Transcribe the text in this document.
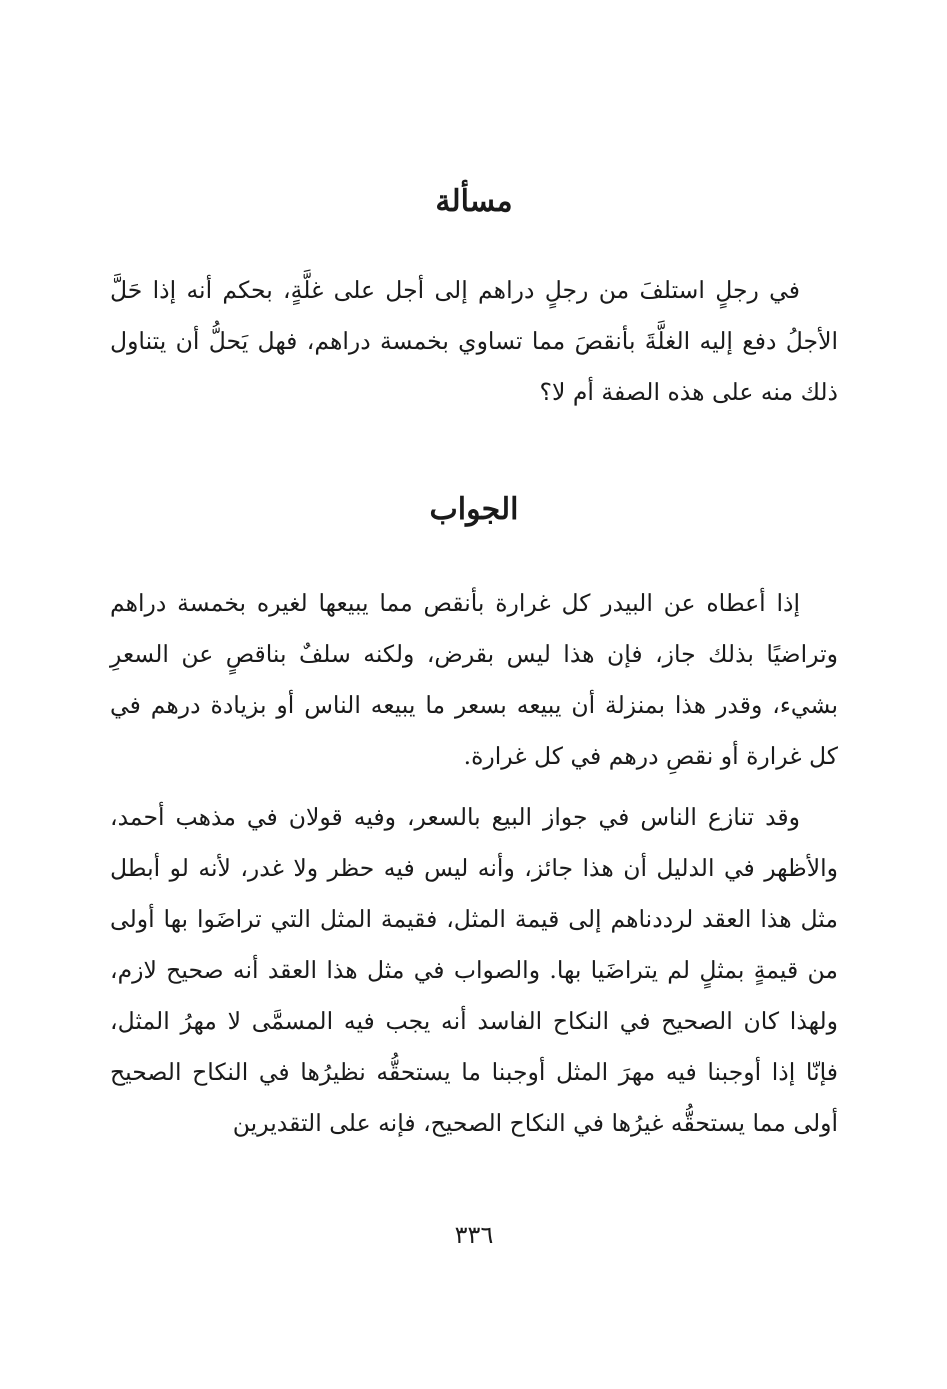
مسألة

في رجلٍ استلفَ من رجلٍ دراهم إلى أجل على غلَّةٍ، بحكم أنه إذا حَلَّ الأجلُ دفع إليه الغلَّةَ بأنقصَ مما تساوي بخمسة دراهم، فهل يَحلُّ أن يتناول ذلك منه على هذه الصفة أم لا؟

الجواب

إذا أعطاه عن البيدر كل غرارة بأنقص مما يبيعها لغيره بخمسة دراهم وتراضيًا بذلك جاز، فإن هذا ليس بقرض، ولكنه سلفٌ بناقصٍ عن السعرِ بشيء، وقدر هذا بمنزلة أن يبيعه بسعر ما يبيعه الناس أو بزيادة درهم في كل غرارة أو نقصِ درهم في كل غرارة.

وقد تنازع الناس في جواز البيع بالسعر، وفيه قولان في مذهب أحمد، والأظهر في الدليل أن هذا جائز، وأنه ليس فيه حظر ولا غدر، لأنه لو أبطل مثل هذا العقد لرددناهم إلى قيمة المثل، فقيمة المثل التي تراضَوا بها أولى من قيمةٍ بمثلٍ لم يتراضَيا بها. والصواب في مثل هذا العقد أنه صحيح لازم، ولهذا كان الصحيح في النكاح الفاسد أنه يجب فيه المسمَّى لا مهرُ المثل، فإنّا إذا أوجبنا فيه مهرَ المثل أوجبنا ما يستحقُّه نظيرُها في النكاح الصحيح أولى مما يستحقُّه غيرُها في النكاح الصحيح، فإنه على التقديرين

٣٣٦
